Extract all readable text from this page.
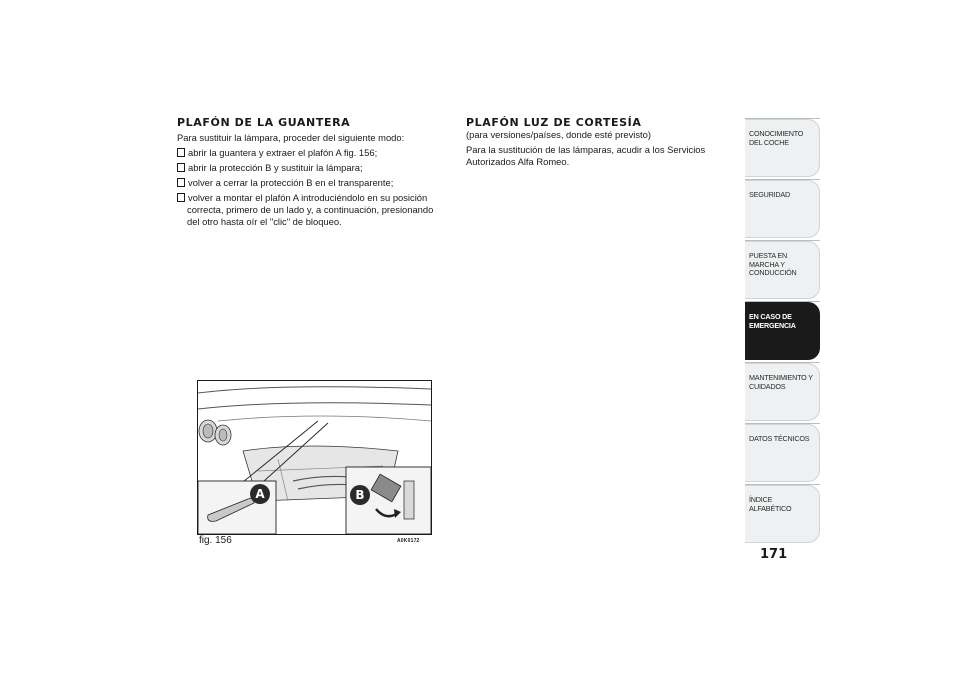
PLAFÓN DE LA GUANTERA

Para sustituir la lámpara, proceder del siguiente modo:

abrir la guantera y extraer el plafón A fig. 156;
abrir la protección B y sustituir la lámpara;
volver a cerrar la protección B en el transparente;
volver a montar el plafón A introduciéndolo en su posición correcta, primero de un lado y, a continuación, presionando del otro hasta oír el "clic" de bloqueo.
PLAFÓN LUZ DE CORTESÍA

(para versiones/países, donde esté previsto)

Para la sustitución de las lámparas, acudir a los Servicios Autorizados Alfa Romeo.

A	B
fig. 156	A0K0172
CONOCIMIENTO DEL COCHE
SEGURIDAD
PUESTA EN MARCHA Y CONDUCCIÓN
EN CASO DE EMERGENCIA
MANTENIMIENTO Y CUIDADOS
DATOS TÉCNICOS
ÍNDICE ALFABÉTICO
171
